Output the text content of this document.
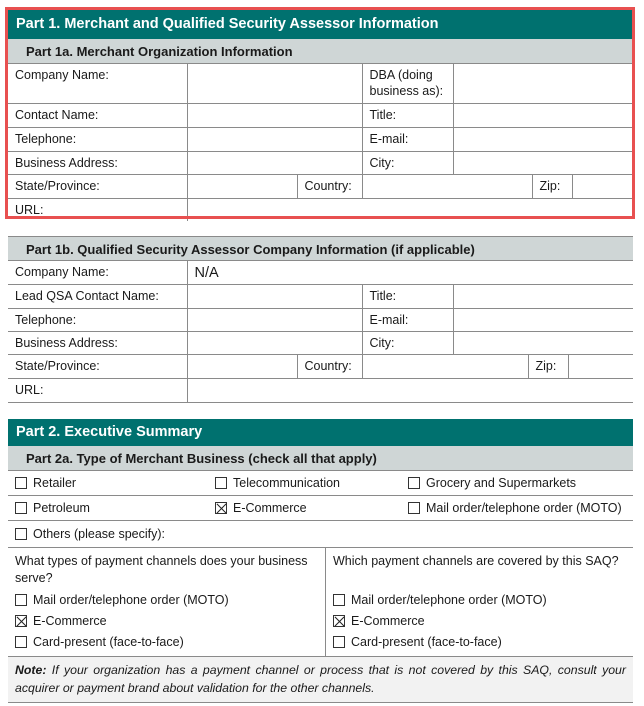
Part 1. Merchant and Qualified Security Assessor Information
Part 1a. Merchant Organization Information
Company Name:			DBA (doing business as):			
Contact Name:			Title:			
Telephone:			E-mail:			
Business Address:			City:			
State/Province:		Country:			Zip:	
URL:						
Part 1b. Qualified Security Assessor Company Information (if applicable)
Company Name:	N/A					
Lead QSA Contact Name:			Title:			
Telephone:			E-mail:			
Business Address:			City:			
State/Province:		Country:			Zip:	
URL:						
Part 2. Executive Summary
Part 2a. Type of Merchant Business (check all that apply)
Retailer	Telecommunication	Grocery and Supermarkets
Petroleum	E-Commerce	Mail order/telephone order (MOTO)
Others (please specify):
What types of payment channels does your business serve?
Mail order/telephone order (MOTO)
E-Commerce
Card-present (face-to-face)
Which payment channels are covered by this SAQ?
Mail order/telephone order (MOTO)
E-Commerce
Card-present (face-to-face)
Note: If your organization has a payment channel or process that is not covered by this SAQ, consult your acquirer or payment brand about validation for the other channels.
